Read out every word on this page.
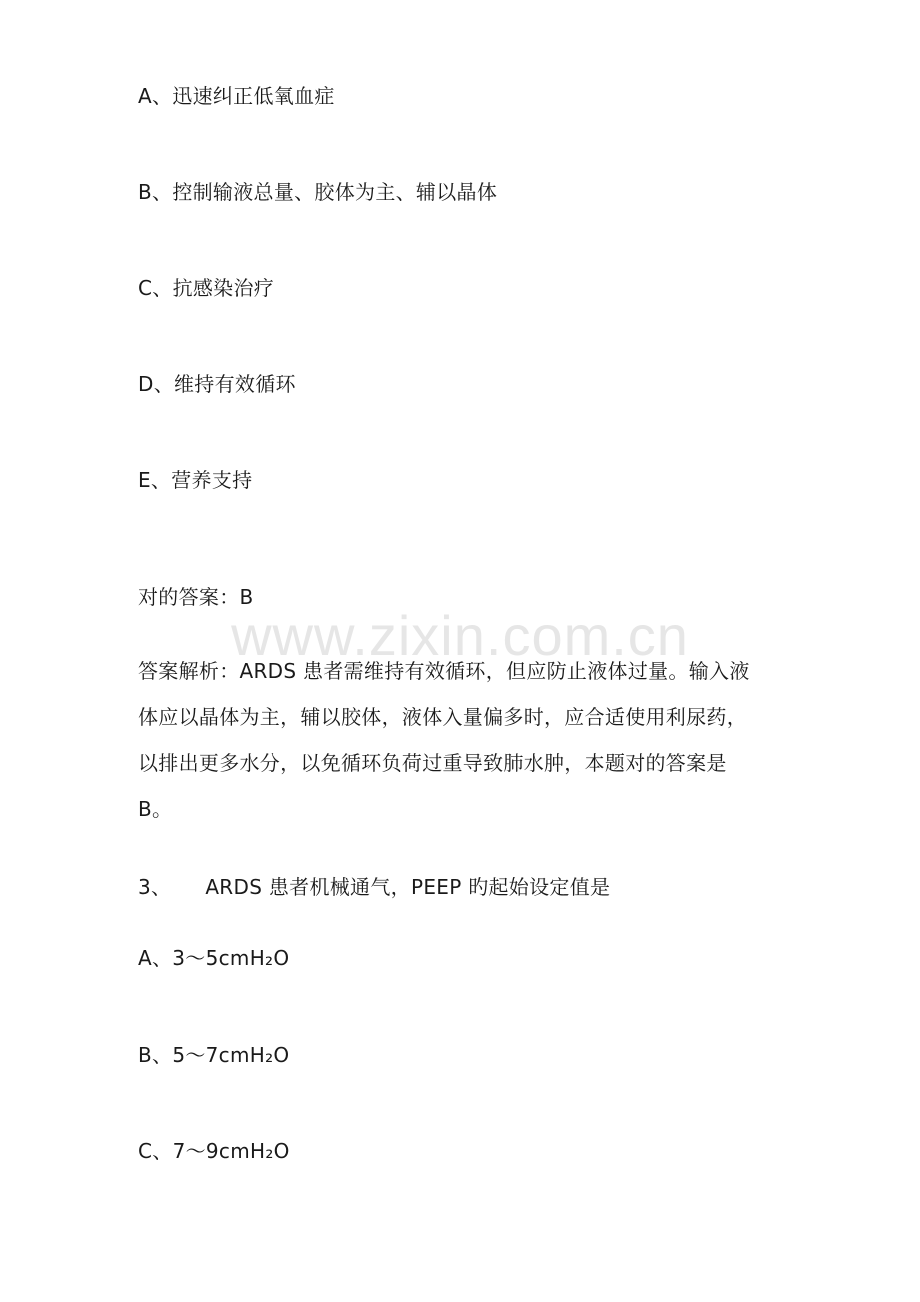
www.zixin.com.cn
A、迅速纠正低氧血症
B、控制输液总量、胶体为主、辅以晶体
C、抗感染治疗
D、维持有效循环
E、营养支持
对的答案：B
答案解析：ARDS 患者需维持有效循环，但应防止液体过量。输入液
体应以晶体为主，辅以胶体，液体入量偏多时，应合适使用利尿药，
以排出更多水分，以免循环负荷过重导致肺水肿，本题对的答案是
B。
3、 ARDS 患者机械通气，PEEP 旳起始设定值是
A、3～5cmH₂O
B、5～7cmH₂O
C、7～9cmH₂O
